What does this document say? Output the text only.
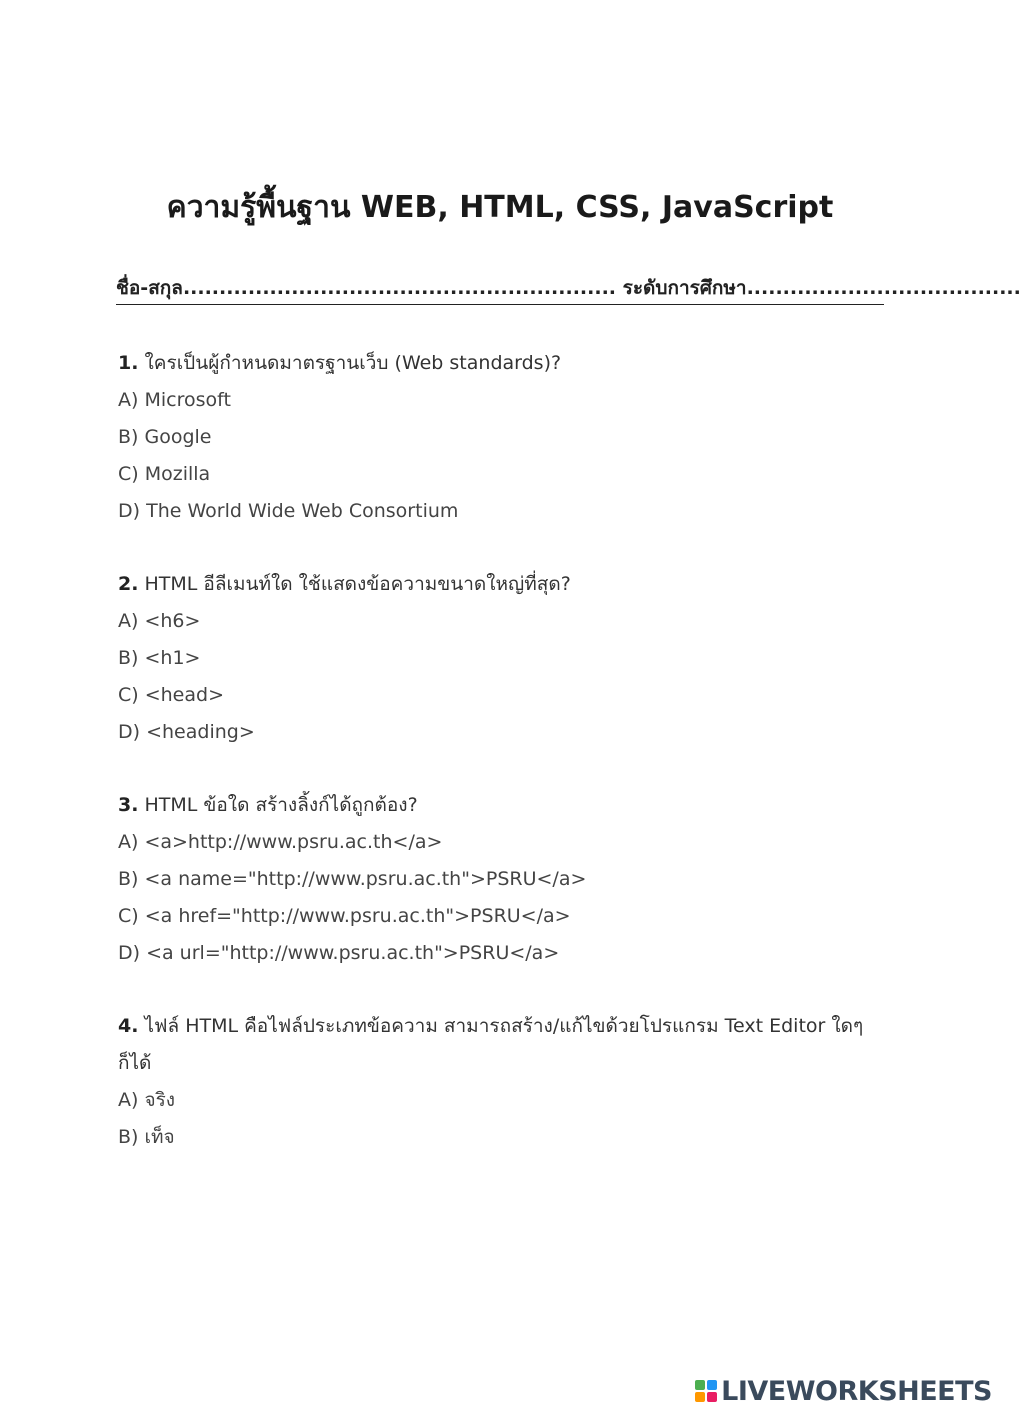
ความรู้พื้นฐาน WEB, HTML, CSS, JavaScript
ชื่อ-สกุล............................................................ ระดับการศึกษา......................................
1. ใครเป็นผู้กำหนดมาตรฐานเว็บ (Web standards)?
A) Microsoft
B) Google
C) Mozilla
D) The World Wide Web Consortium
2. HTML อีลีเมนท์ใด ใช้แสดงข้อความขนาดใหญ่ที่สุด?
A) <h6>
B) <h1>
C) <head>
D) <heading>
3. HTML ข้อใด สร้างลิ้งก์ได้ถูกต้อง?
A) <a>http://www.psru.ac.th</a>
B) <a name="http://www.psru.ac.th">PSRU</a>
C) <a href="http://www.psru.ac.th">PSRU</a>
D) <a url="http://www.psru.ac.th">PSRU</a>
4. ไฟล์ HTML คือไฟล์ประเภทข้อความ สามารถสร้าง/แก้ไขด้วยโปรแกรม Text Editor ใดๆก็ได้
A) จริง
B) เท็จ
LIVEWORKSHEETS
